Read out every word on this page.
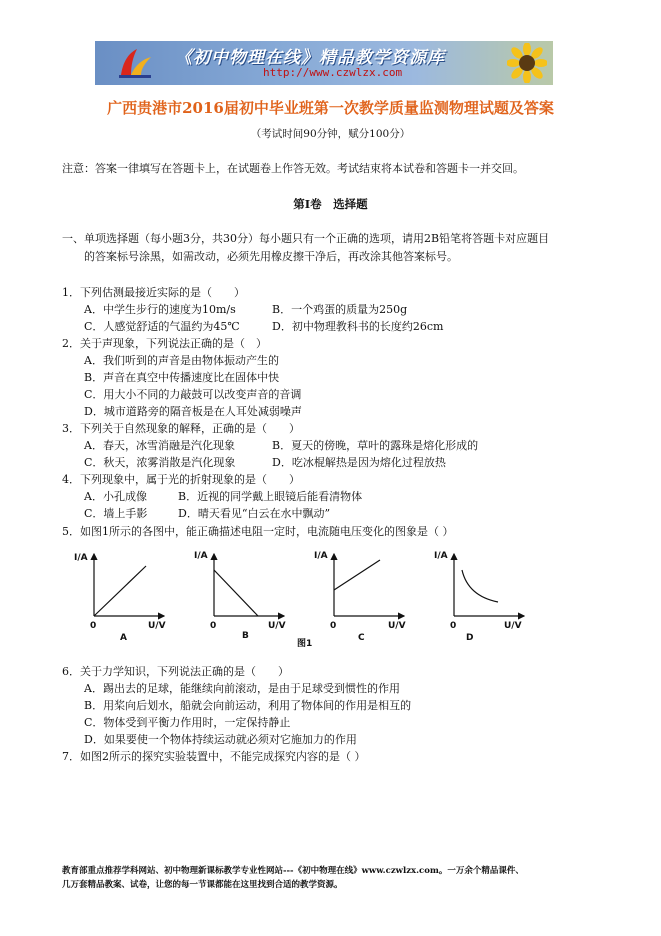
《初中物理在线》精品教学资源库
http://www.czwlzx.com
广西贵港市2016届初中毕业班第一次教学质量监测物理试题及答案
（考试时间90分钟，赋分100分）
注意：答案一律填写在答题卡上，在试题卷上作答无效。考试结束将本试卷和答题卡一并交回。
第Ⅰ卷　选择题
一、单项选择题（每小题3分，共30分）每小题只有一个正确的选项，请用2B铅笔将答题卡对应题目
的答案标号涂黑，如需改动，必须先用橡皮擦干净后，再改涂其他答案标号。
1．下列估测最接近实际的是（　　）
A．中学生步行的速度为10m/s	B．一个鸡蛋的质量为250g
C．人感觉舒适的气温约为45℃	D．初中物理教科书的长度约26cm
2．关于声现象，下列说法正确的是（　）
A．我们听到的声音是由物体振动产生的
B．声音在真空中传播速度比在固体中快
C．用大小不同的力敲鼓可以改变声音的音调
D．城市道路旁的隔音板是在人耳处减弱噪声
3．下列关于自然现象的解释，正确的是（　　）
A．春天，冰雪消融是汽化现象	B．夏天的傍晚，草叶的露珠是熔化形成的
C．秋天，浓雾消散是汽化现象	D．吃冰棍解热是因为熔化过程放热
4．下列现象中，属于光的折射现象的是（　　）
A．小孔成像	B．近视的同学戴上眼镜后能看清物体
C．墙上手影	D．晴天看见“白云在水中飘动”
5．如图1所示的各图中，能正确描述电阻一定时，电流随电压变化的图象是（ ）
I/A
0	U/V
A
I/A
0	U/V
B
I/A
0	U/V
C
I/A
0	U/V
D
图1
6．关于力学知识，下列说法正确的是（　　）
A．踢出去的足球，能继续向前滚动，是由于足球受到惯性的作用
B．用桨向后划水，船就会向前运动，利用了物体间的作用是相互的
C．物体受到平衡力作用时，一定保持静止
D．如果要使一个物体持续运动就必须对它施加力的作用
7．如图2所示的探究实验装置中，不能完成探究内容的是（ ）
教育部重点推荐学科网站、初中物理新课标教学专业性网站---《初中物理在线》www.czwlzx.com。一万余个精品课件、
几万套精品教案、试卷，让您的每一节课都能在这里找到合适的教学资源。
